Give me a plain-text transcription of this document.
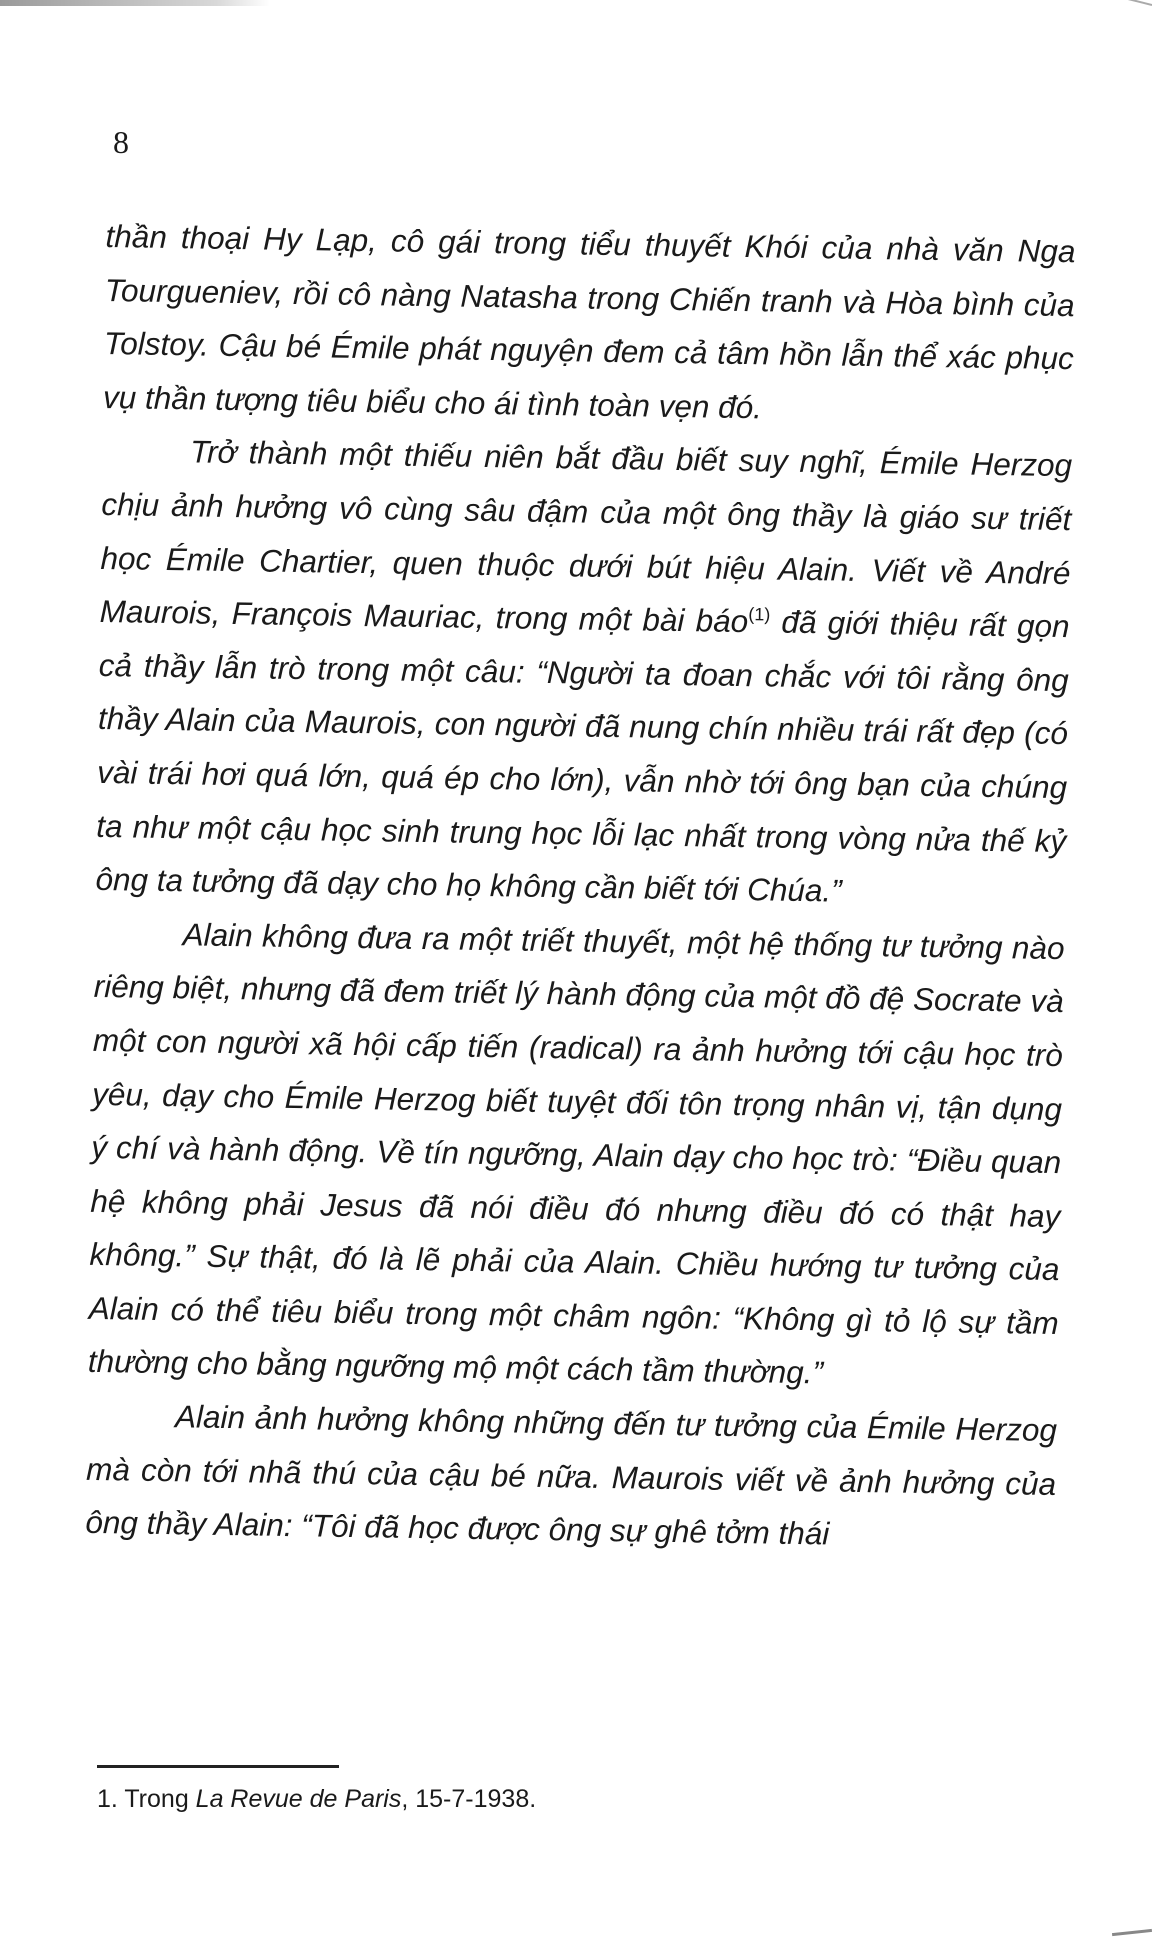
8

thần thoại Hy Lạp, cô gái trong tiểu thuyết Khói của nhà văn Nga Tourgueniev, rồi cô nàng Natasha trong Chiến tranh và Hòa bình của Tolstoy. Cậu bé Émile phát nguyện đem cả tâm hồn lẫn thể xác phục vụ thần tượng tiêu biểu cho ái tình toàn vẹn đó.

Trở thành một thiếu niên bắt đầu biết suy nghĩ, Émile Herzog chịu ảnh hưởng vô cùng sâu đậm của một ông thầy là giáo sư triết học Émile Chartier, quen thuộc dưới bút hiệu Alain. Viết về André Maurois, François Mauriac, trong một bài báo$^{(1)}$ đã giới thiệu rất gọn cả thầy lẫn trò trong một câu: “Người ta đoan chắc với tôi rằng ông thầy Alain của Maurois, con người đã nung chín nhiều trái rất đẹp (có vài trái hơi quá lớn, quá ép cho lớn), vẫn nhờ tới ông bạn của chúng ta như một cậu học sinh trung học lỗi lạc nhất trong vòng nửa thế kỷ ông ta tưởng đã dạy cho họ không cần biết tới Chúa.”

Alain không đưa ra một triết thuyết, một hệ thống tư tưởng nào riêng biệt, nhưng đã đem triết lý hành động của một đồ đệ Socrate và một con người xã hội cấp tiến (radical) ra ảnh hưởng tới cậu học trò yêu, dạy cho Émile Herzog biết tuyệt đối tôn trọng nhân vị, tận dụng ý chí và hành động. Về tín ngưỡng, Alain dạy cho học trò: “Điều quan hệ không phải Jesus đã nói điều đó nhưng điều đó có thật hay không.” Sự thật, đó là lẽ phải của Alain. Chiều hướng tư tưởng của Alain có thể tiêu biểu trong một châm ngôn: “Không gì tỏ lộ sự tầm thường cho bằng ngưỡng mộ một cách tầm thường.”

Alain ảnh hưởng không những đến tư tưởng của Émile Herzog mà còn tới nhã thú của cậu bé nữa. Maurois viết về ảnh hưởng của ông thầy Alain: “Tôi đã học được ông sự ghê tởm thái

1. Trong La Revue de Paris, 15-7-1938.
